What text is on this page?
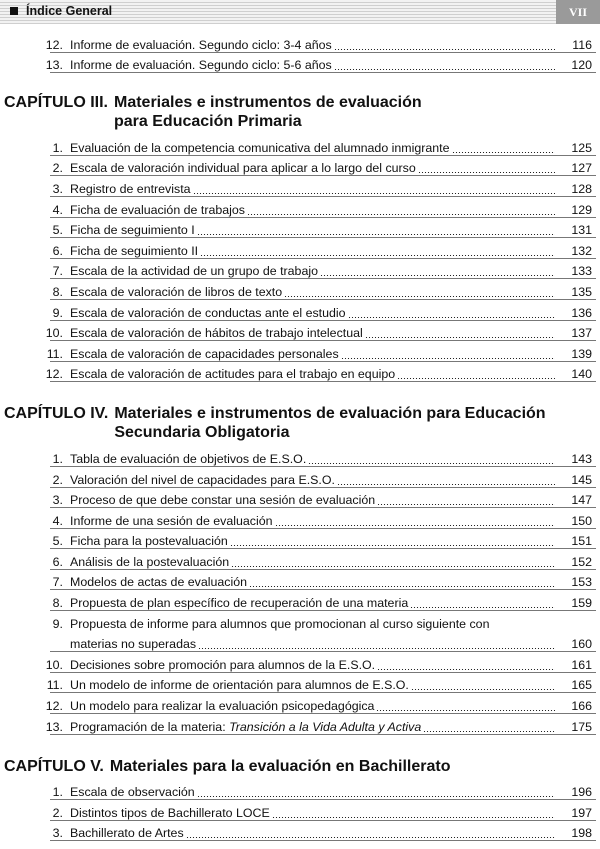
Índice General	VII
12. Informe de evaluación. Segundo ciclo: 3-4 años	116
13. Informe de evaluación. Segundo ciclo: 5-6 años	120
CAPÍTULO III. Materiales e instrumentos de evaluación
para Educación Primaria
1. Evaluación de la competencia comunicativa del alumnado inmigrante	125
2. Escala de valoración individual para aplicar a lo largo del curso	127
3. Registro de entrevista	128
4. Ficha de evaluación de trabajos	129
5. Ficha de seguimiento I	131
6. Ficha de seguimiento II	132
7. Escala de la actividad de un grupo de trabajo	133
8. Escala de valoración de libros de texto	135
9. Escala de valoración de conductas ante el estudio	136
10. Escala de valoración de hábitos de trabajo intelectual	137
11. Escala de valoración de capacidades personales	139
12. Escala de valoración de actitudes para el trabajo en equipo	140
CAPÍTULO IV. Materiales e instrumentos de evaluación para Educación
Secundaria Obligatoria
1. Tabla de evaluación de objetivos de E.S.O.	143
2. Valoración del nivel de capacidades para E.S.O.	145
3. Proceso de que debe constar una sesión de evaluación	147
4. Informe de una sesión de evaluación	150
5. Ficha para la postevaluación	151
6. Análisis de la postevaluación	152
7. Modelos de actas de evaluación	153
8. Propuesta de plan específico de recuperación de una materia	159
9. Propuesta de informe para alumnos que promocionan al curso siguiente con
materias no superadas	160
10. Decisiones sobre promoción para alumnos de la E.S.O.	161
11. Un modelo de informe de orientación para alumnos de E.S.O.	165
12. Un modelo para realizar la evaluación psicopedagógica	166
13. Programación de la materia: Transición a la Vida Adulta y Activa	175
CAPÍTULO V. Materiales para la evaluación en Bachillerato
1. Escala de observación	196
2. Distintos tipos de Bachillerato LOCE	197
3. Bachillerato de Artes	198
